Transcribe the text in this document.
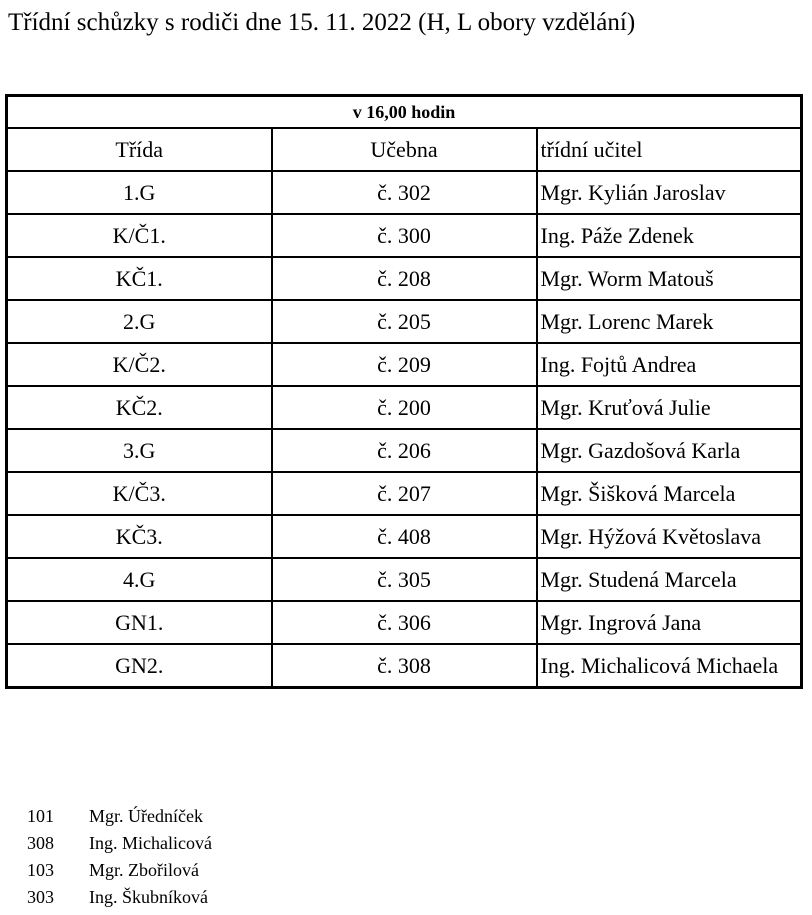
Třídní schůzky s rodiči dne 15. 11. 2022 (H, L obory vzdělání)
v 16,00 hodin		
Třída	Učebna	třídní učitel
1.G	č. 302	Mgr. Kylián Jaroslav
K/Č1.	č. 300	Ing. Páže Zdenek
KČ1.	č. 208	Mgr. Worm Matouš
2.G	č. 205	Mgr. Lorenc Marek
K/Č2.	č. 209	Ing. Fojtů Andrea
KČ2.	č. 200	Mgr. Kruťová Julie
3.G	č. 206	Mgr. Gazdošová Karla
K/Č3.	č. 207	Mgr. Šišková Marcela
KČ3.	č. 408	Mgr. Hýžová Květoslava
4.G	č. 305	Mgr. Studená Marcela
GN1.	č. 306	Mgr. Ingrová Jana
GN2.	č. 308	Ing. Michalicová Michaela
101	Mgr. Úředníček
308	Ing. Michalicová
103	Mgr. Zbořilová
303	Ing. Škubníková
